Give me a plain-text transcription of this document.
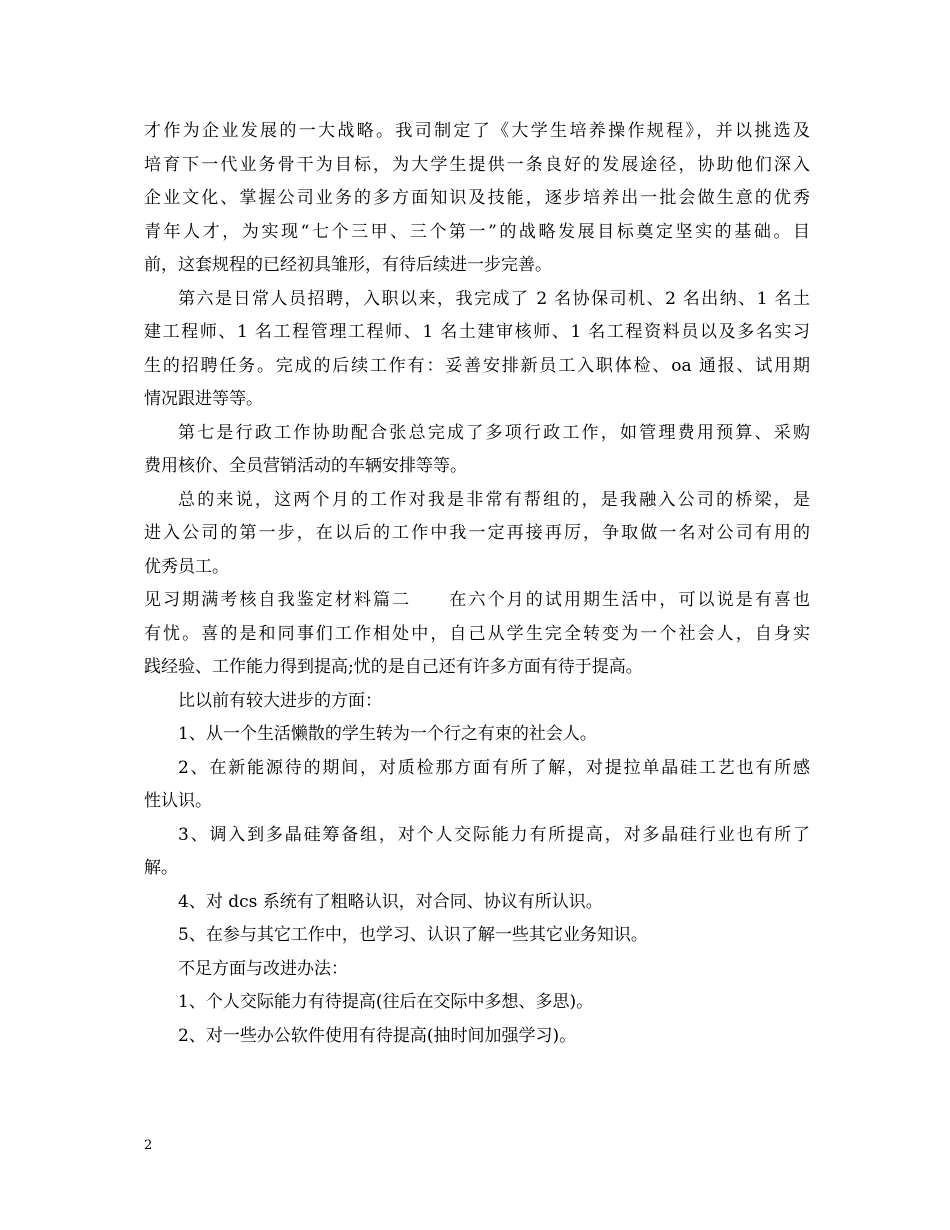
才作为企业发展的一大战略。我司制定了《大学生培养操作规程》，并以挑选及
培育下一代业务骨干为目标，为大学生提供一条良好的发展途径，协助他们深入
企业文化、掌握公司业务的多方面知识及技能，逐步培养出一批会做生意的优秀
青年人才，为实现“七个三甲、三个第一”的战略发展目标奠定坚实的基础。目
前，这套规程的已经初具雏形，有待后续进一步完善。
第六是日常人员招聘，入职以来，我完成了 2 名协保司机、2 名出纳、1 名土
建工程师、1 名工程管理工程师、1 名土建审核师、1 名工程资料员以及多名实习
生的招聘任务。完成的后续工作有：妥善安排新员工入职体检、oa 通报、试用期
情况跟进等等。
第七是行政工作协助配合张总完成了多项行政工作，如管理费用预算、采购
费用核价、全员营销活动的车辆安排等等。
总的来说，这两个月的工作对我是非常有帮组的，是我融入公司的桥梁，是
进入公司的第一步，在以后的工作中我一定再接再厉，争取做一名对公司有用的
优秀员工。
见习期满考核自我鉴定材料篇二　　在六个月的试用期生活中，可以说是有喜也
有忧。喜的是和同事们工作相处中，自己从学生完全转变为一个社会人，自身实
践经验、工作能力得到提高;忧的是自己还有许多方面有待于提高。
比以前有较大进步的方面：
1、从一个生活懒散的学生转为一个行之有束的社会人。
2、在新能源待的期间，对质检那方面有所了解，对提拉单晶硅工艺也有所感
性认识。
3、调入到多晶硅筹备组，对个人交际能力有所提高，对多晶硅行业也有所了
解。
4、对 dcs 系统有了粗略认识，对合同、协议有所认识。
5、在参与其它工作中，也学习、认识了解一些其它业务知识。
不足方面与改进办法：
1、个人交际能力有待提高(往后在交际中多想、多思)。
2、对一些办公软件使用有待提高(抽时间加强学习)。
2
